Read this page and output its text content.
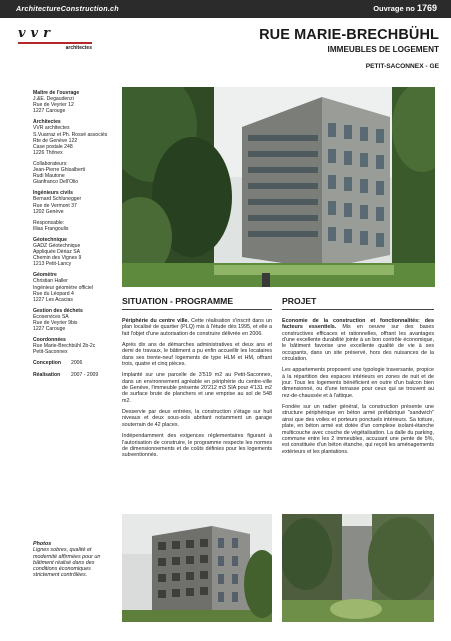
ArchitectureConstruction.ch	Ouvrage no 1769
vvr
architectes
RUE MARIE-BRECHBÜHL
IMMEUBLES DE LOGEMENT
PETIT-SACONNEX - GE
Maître de l'ouvrage
J.&E. Degaudenzi
Rue de Veyrier 12
1227 Carouge
Architectes
VVR architectes
S.Vuarraz et Ph. Rossé associés
Rte de Genève 122
Case postale 248
1226 Thônex
Collaborateurs:
Jean-Pierre Ghisalberti
Rudi Mautone
Gianfranco Dell'Olio
Ingénieurs civils
Bernard Schlunegger
Rue de Vermont 37
1202 Genève
Responsable:
Illias Frangoulis
Géotechnique
GADZ Géotechnique
Appliquée Dériaz SA
Chemin des Vignes 9
1213 Petit-Lancy
Géomètre
Christian Haller
Ingénieur géomètre officiel
Rue du Léopard 4
1227 Les Acacias
Gestion des déchets
Ecoservices SA
Rue de Veyrier 9bis
1227 Carouge
Coordonnées
Rue Marie-Brechbühl 2b-2c
Petit-Saconnex
Conception 2006
Réalisation 2007 - 2009
Photos
Lignes sobres, qualité et modernité affirmées pour un bâtiment réalisé dans des conditions économiques strictement contrôlées.
SITUATION - PROGRAMME	PROJET

Périphérie du centre ville. Cette réalisation s'inscrit dans un plan localisé de quartier (PLQ) mis à l'étude dès 1995, et elle a fait l'objet d'une autorisation de construire délivrée en 2006.

Après dix ans de démarches administratives et deux ans et demi de travaux, le bâtiment a pu enfin accueillir les locataires dans ses trente-neuf logements de type HLM et HM, offrant trois, quatre et cinq pièces.

Implanté sur une parcelle de 3'519 m2 au Petit-Saconnex, dans un environnement agréable en périphérie du centre-ville de Genève, l'immeuble présente 20'212 m3 SIA pour 4'131 m2 de surface brute de planchers et une emprise au sol de 548 m2.

Desservie par deux entrées, la construction s'étage sur huit niveaux et deux sous-sols abritant notamment un garage souterrain de 42 places.

Indépendamment des exigences réglementaires figurant à l'autorisation de construire, le programme respecte les normes de dimensionnements et de coûts définies pour les logements subventionnés.

Economie de la construction et fonctionnalités: des facteurs essentiels. Mis en oeuvre sur des bases constructives efficaces et rationnelles, offrant les avantages d'une excellente durabilité jointe à un bon contrôle économique, le bâtiment favorise une excellente qualité de vie à ses occupants, dans un site préservé, hors des nuisances de la circulation.

Les appartements proposent une typologie traversante, propice à la répartition des espaces intérieurs en zones de nuit et de jour. Tous les logements bénéficient en outre d'un balcon bien dimensionné, ou d'une terrasse pour ceux qui se trouvent au rez-de-chaussée et à l'attique.

Fondée sur un radier général, la construction présente une structure périphérique en béton armé préfabriqué "sandwich" ainsi que des voiles et porteurs ponctuels intérieurs. Sa toiture, plate, en béton armé est dotée d'un complexe isolant-étanche multicouche avec couche de végétalisation. La dalle du parking, commune entre les 2 immeubles, accusant une pente de 5%, est constituée d'un béton étanche, qui reçoit les aménagements extérieurs et les plantations.
